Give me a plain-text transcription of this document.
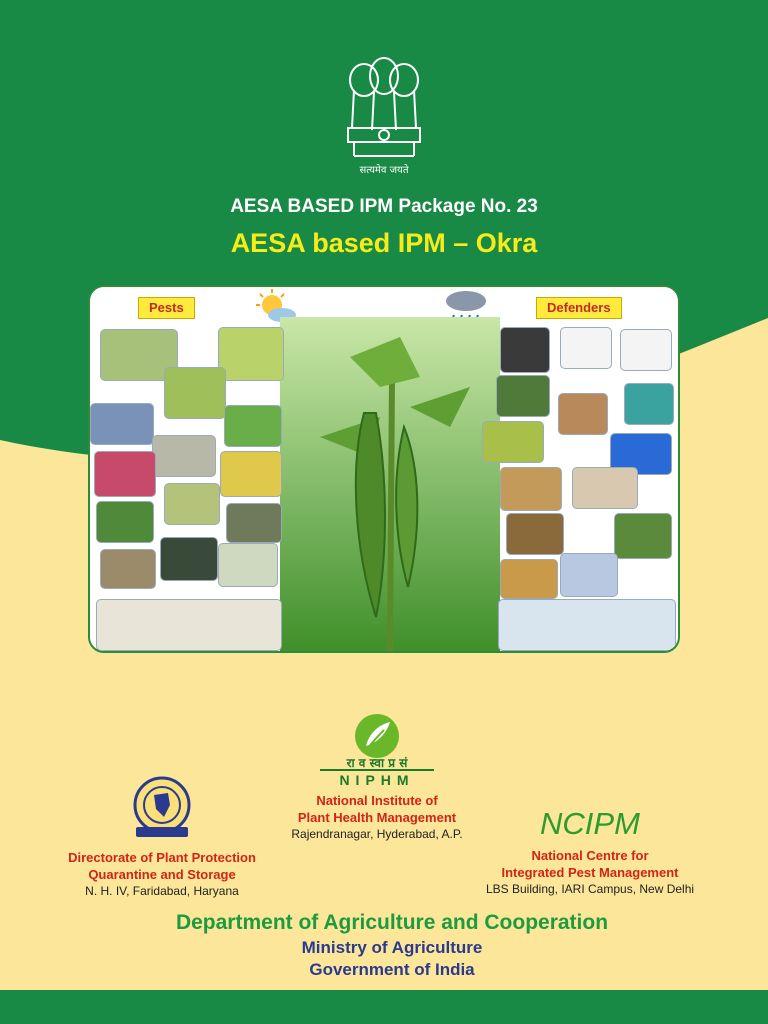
सत्यमेव जयते
AESA BASED IPM Package No. 23
AESA based IPM – Okra
Pests	Defenders
रा व स्वा प्र सं
NIPHM
National Institute of
Plant Health Management
Rajendranagar, Hyderabad, A.P.
Directorate of Plant Protection
Quarantine and Storage
N. H. IV, Faridabad, Haryana
NCIPM
National Centre for
Integrated Pest Management
LBS Building, IARI Campus, New Delhi
Department of Agriculture and Cooperation
Ministry of Agriculture
Government of India
